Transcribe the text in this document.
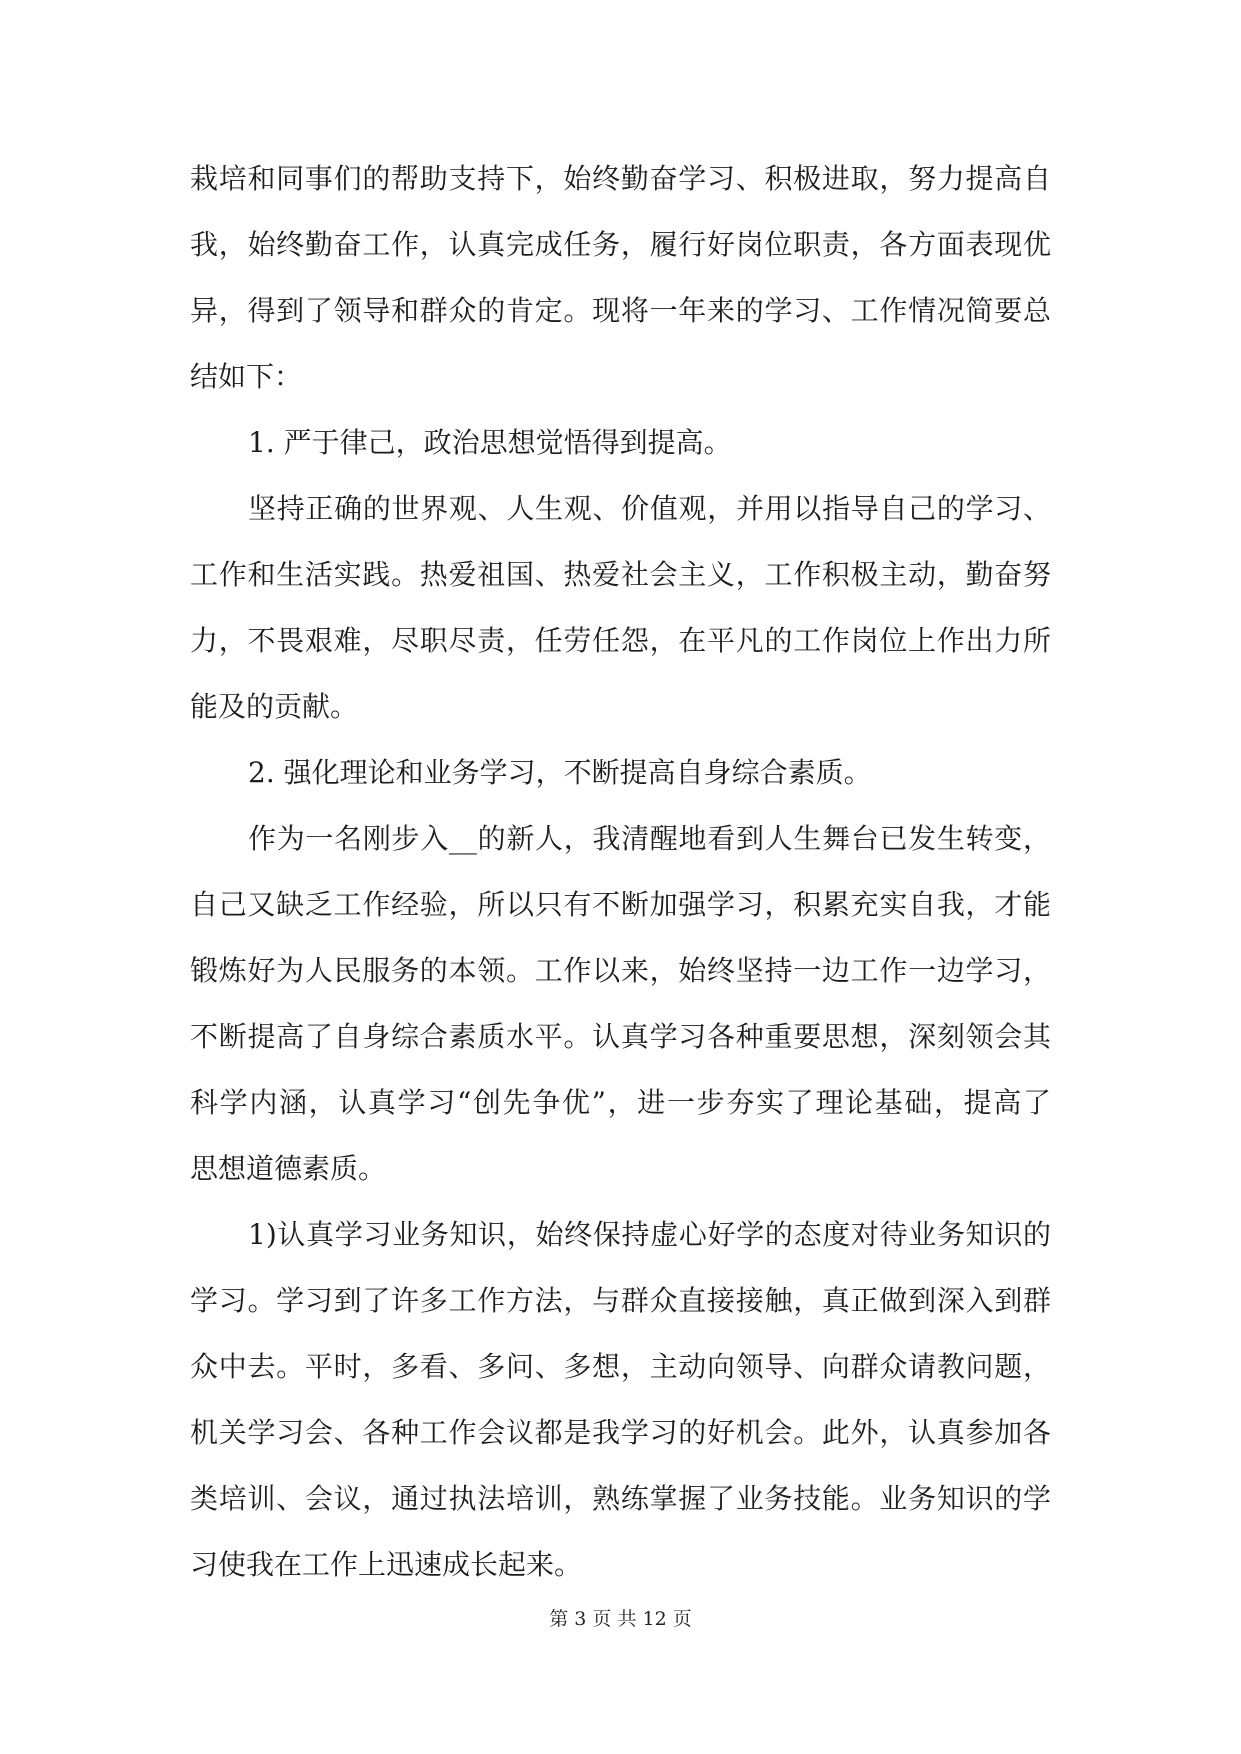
栽培和同事们的帮助支持下，始终勤奋学习、积极进取，努力提高自
我，始终勤奋工作，认真完成任务，履行好岗位职责，各方面表现优
异，得到了领导和群众的肯定。现将一年来的学习、工作情况简要总
结如下：
1. 严于律己，政治思想觉悟得到提高。
坚持正确的世界观、人生观、价值观，并用以指导自己的学习、
工作和生活实践。热爱祖国、热爱社会主义，工作积极主动，勤奋努
力，不畏艰难，尽职尽责，任劳任怨，在平凡的工作岗位上作出力所
能及的贡献。
2. 强化理论和业务学习，不断提高自身综合素质。
作为一名刚步入__的新人，我清醒地看到人生舞台已发生转变，
自己又缺乏工作经验，所以只有不断加强学习，积累充实自我，才能
锻炼好为人民服务的本领。工作以来，始终坚持一边工作一边学习，
不断提高了自身综合素质水平。认真学习各种重要思想，深刻领会其
科学内涵，认真学习“创先争优”，进一步夯实了理论基础，提高了
思想道德素质。
1)认真学习业务知识，始终保持虚心好学的态度对待业务知识的
学习。学习到了许多工作方法，与群众直接接触，真正做到深入到群
众中去。平时，多看、多问、多想，主动向领导、向群众请教问题，
机关学习会、各种工作会议都是我学习的好机会。此外，认真参加各
类培训、会议，通过执法培训，熟练掌握了业务技能。业务知识的学
习使我在工作上迅速成长起来。
第 3 页 共 12 页
